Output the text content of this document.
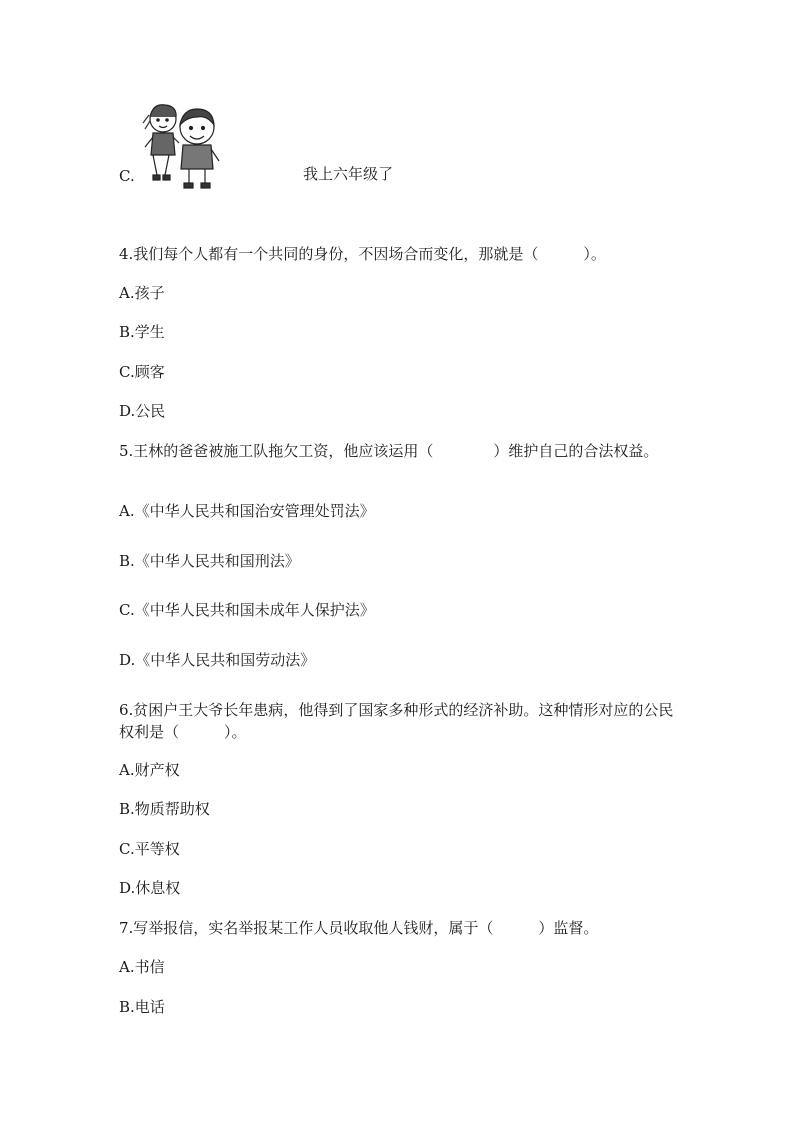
C.	我上六年级了
4.我们每个人都有一个共同的身份，不因场合而变化，那就是（　　　）。
A.孩子
B.学生
C.顾客
D.公民
5.王林的爸爸被施工队拖欠工资，他应该运用（　　　　）维护自己的合法权益。
A.《中华人民共和国治安管理处罚法》
B.《中华人民共和国刑法》
C.《中华人民共和国未成年人保护法》
D.《中华人民共和国劳动法》
6.贫困户王大爷长年患病，他得到了国家多种形式的经济补助。这种情形对应的公民权利是（　　　）。
A.财产权
B.物质帮助权
C.平等权
D.休息权
7.写举报信，实名举报某工作人员收取他人钱财，属于（　　　）监督。
A.书信
B.电话
